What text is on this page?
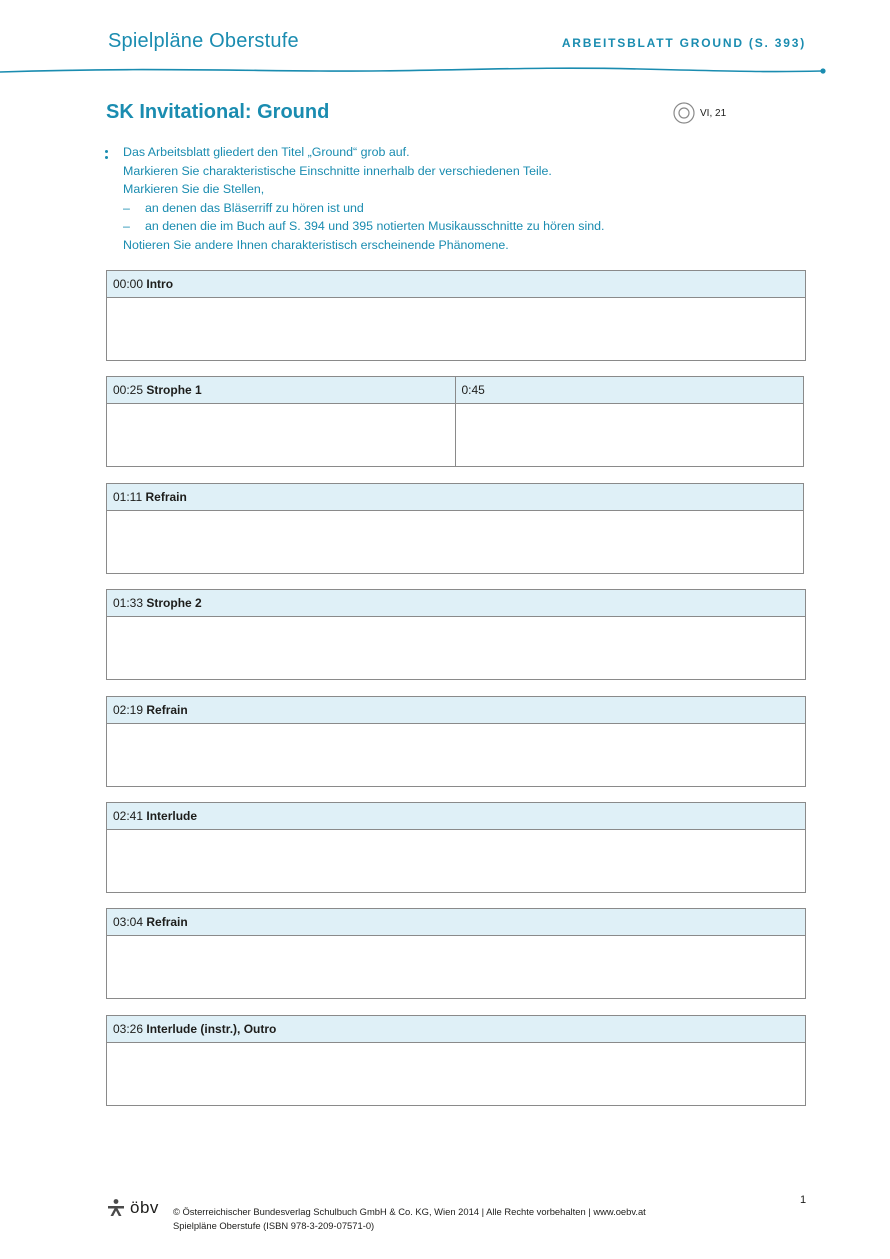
Spielpläne Oberstufe	ARBEITSBLATT GROUND (S. 393)
SK Invitational: Ground	VI, 21
Das Arbeitsblatt gliedert den Titel „Ground“ grob auf.
Markieren Sie charakteristische Einschnitte innerhalb der verschiedenen Teile.
Markieren Sie die Stellen,
–	an denen das Bläserriff zu hören ist und
–	an denen die im Buch auf S. 394 und 395 notierten Musikausschnitte zu hören sind.
Notieren Sie andere Ihnen charakteristisch erscheinende Phänomene.
00:00 Intro
00:25 Strophe 1	0:45
01:11 Refrain
01:33 Strophe 2
02:19 Refrain
02:41 Interlude
03:04 Refrain
03:26 Interlude (instr.), Outro
1
öbv © Österreichischer Bundesverlag Schulbuch GmbH & Co. KG, Wien 2014 | Alle Rechte vorbehalten | www.oebv.at
Spielpläne Oberstufe (ISBN 978-3-209-07571-0)
